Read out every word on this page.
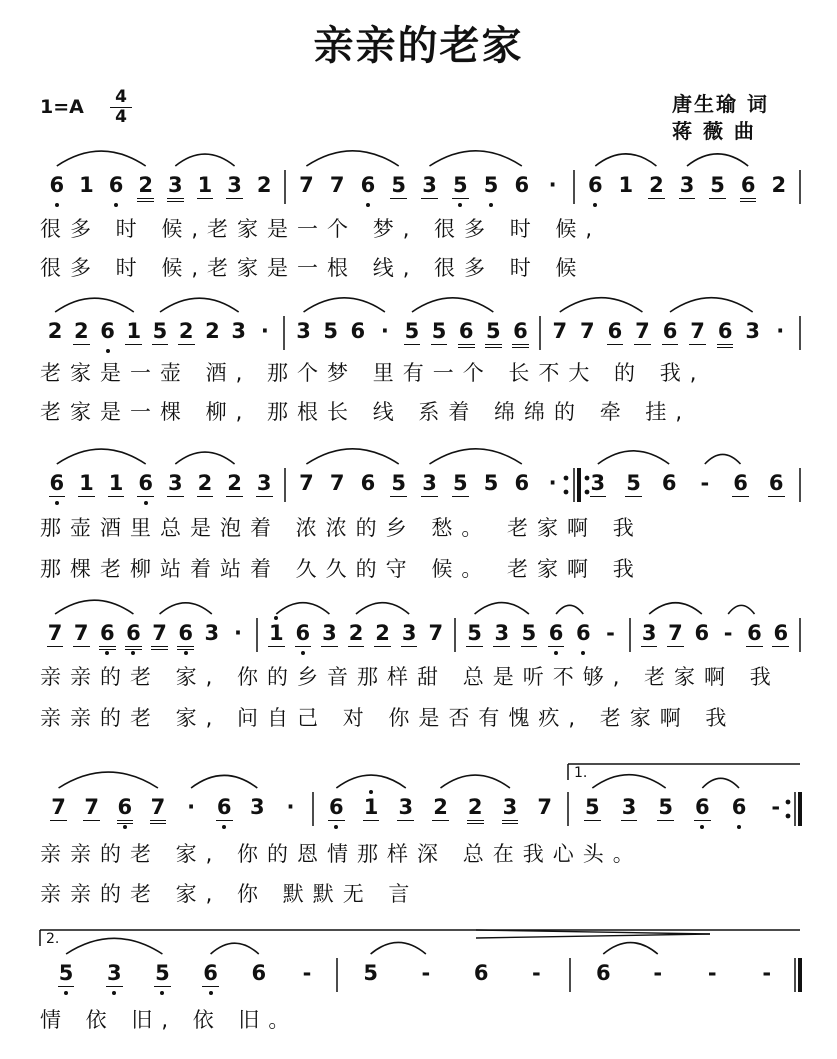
亲亲的老家
1=A 4
4
唐生瑜 词
蒋 薇 曲
6 1 6 2 3 1 3 2	7 7 6 5 3 5 5 6 ·	6 1 2 3 5 6 2
很多 时 候,老家是一个 梦, 很多 时 候,
很多 时 候,老家是一根 线, 很多 时 候
2 2 6 1 5 2 2 3 ·	3 5 6 · 5 5 6 5 6	7 7 6 7 6 7 6 3 ·
老家是一壶 酒, 那个梦 里有一个 长不大 的 我,
老家是一棵 柳, 那根长 线 系着 绵绵的 牵 挂,
6 1 1 6 3 2 2 3	7 7 6 5 3 5 5 6 ·	3	5	6	-	6	6
那壶酒里总是泡着 浓浓的乡 愁。 老家啊 我
那棵老柳站着站着 久久的守 候。 老家啊 我
7 7 6 6 7 6 3 ·	1 6 3 2 2 3 7 5 3 5 6 6 -	3 7 6 - 6 6
亲亲的老 家, 你的乡音那样甜 总是听不够, 老家啊 我
亲亲的老 家, 问自己 对 你是否有愧疚, 老家啊 我
7 7 6 7	·	6 3	·	6 1 3 2 2 3 7	5	3	5	6	6	-
1.
亲亲的老 家, 你的恩情那样深 总在我心头。
亲亲的老 家, 你 默默无 言
5	3	5	6	6	-	5	-	6	-	6	-	-	-
2.
情 依 旧, 依 旧。
